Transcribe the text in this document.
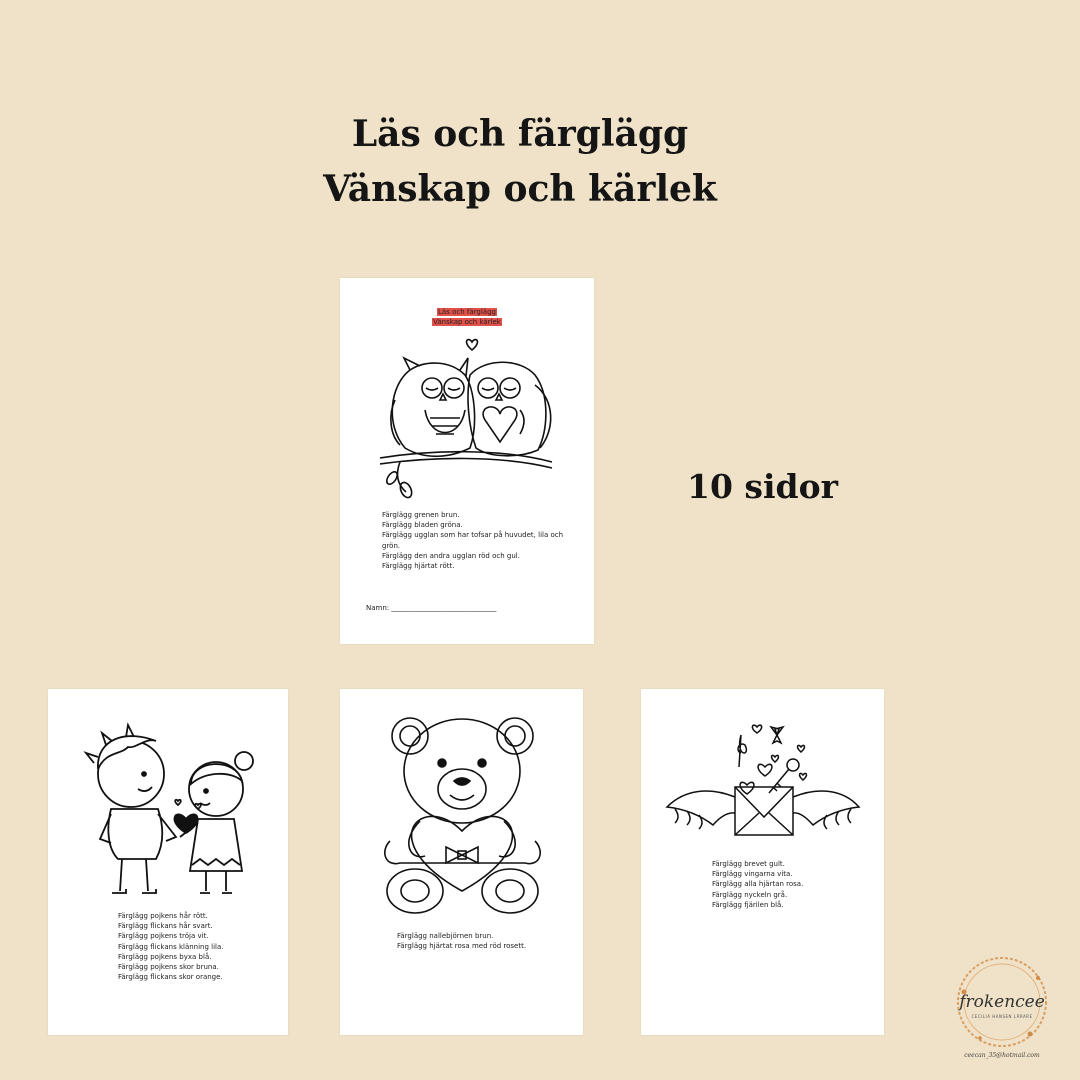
Läs och färglägg
Vänskap och kärlek
10 sidor
Läs och färglägg
Vänskap och kärlek
Färglägg grenen brun.
Färglägg bladen gröna.
Färglägg ugglan som har tofsar på huvudet, lila och grön.
Färglägg den andra ugglan röd och gul.
Färglägg hjärtat rött.
Namn: ______________________________
Färglägg pojkens hår rött.
Färglägg flickans hår svart.
Färglägg pojkens tröja vit.
Färglägg flickans klänning lila.
Färglägg pojkens byxa blå.
Färglägg pojkens skor bruna.
Färglägg flickans skor orange.
Färglägg nallebjörnen brun.
Färglägg hjärtat rosa med röd rosett.
Färglägg brevet gult.
Färglägg vingarna vita.
Färglägg alla hjärtan rosa.
Färglägg nyckeln grå.
Färglägg fjärilen blå.
frokencee
CECILIA HANSEN LÄRARE
ceecan_35@hotmail.com
